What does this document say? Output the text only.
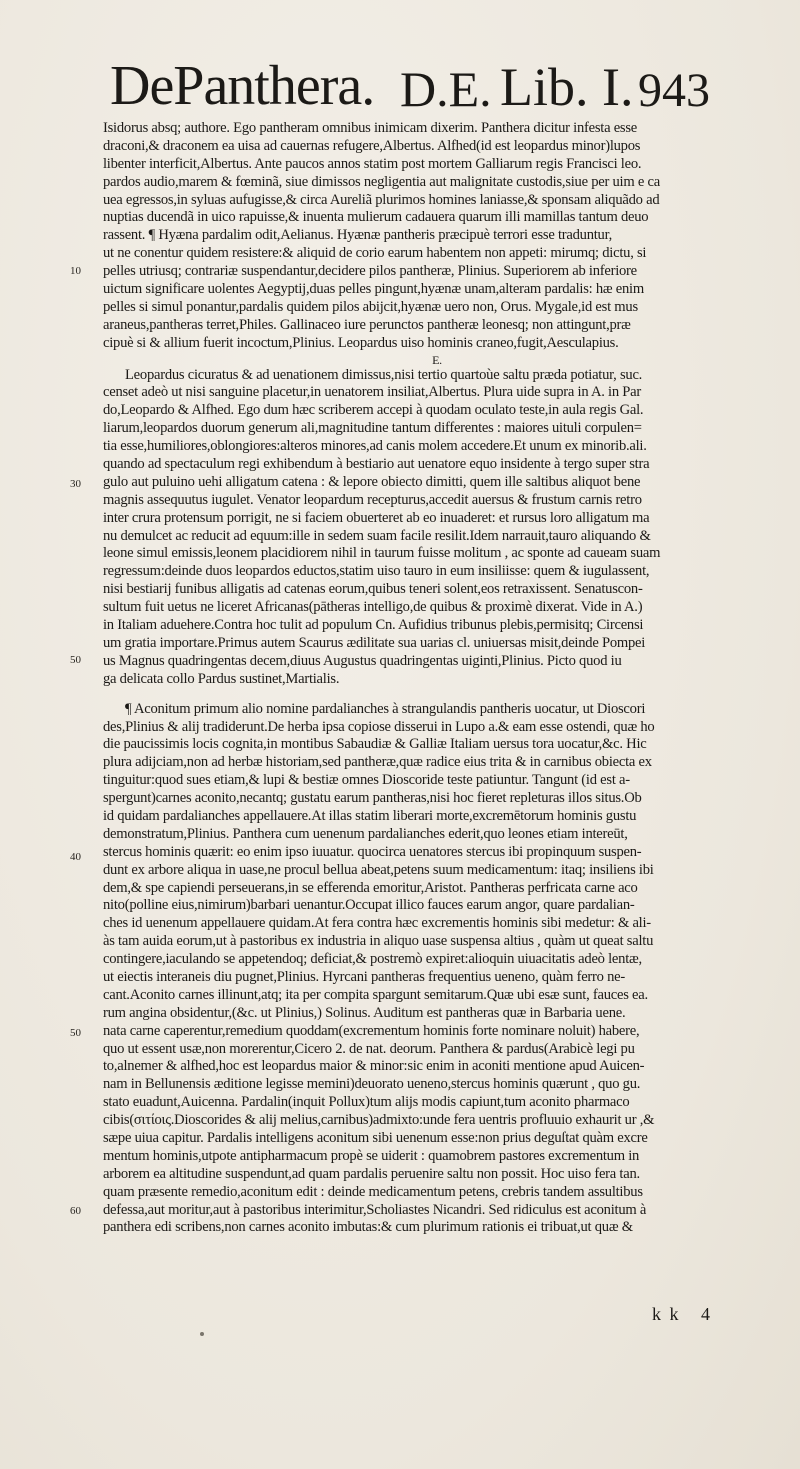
DePanthera. D.E. Lib. I. 943
10
30
50
40
50
60
Isidorus absq; authore. Ego pantheram omnibus inimicam dixerim. Panthera dicitur infesta esse
draconi,& draconem ea uisa ad cauernas refugere,Albertus. Alfhed(id est leopardus minor)lupos
libenter interficit,Albertus. Ante paucos annos statim post mortem Galliarum regis Francisci leo.
pardos audio,marem & fœminã, siue dimissos negligentia aut malignitate custodis,siue per uim e ca
uea egressos,in syluas aufugisse,& circa Aureliã plurimos homines laniasse,& sponsam aliquãdo ad
nuptias ducendã in uico rapuisse,& inuenta mulierum cadauera quarum illi mamillas tantum deuo
rassent. ¶ Hyæna pardalim odit,Aelianus. Hyænæ pantheris præcipuè terrori esse traduntur,
ut ne conentur quidem resistere:& aliquid de corio earum habentem non appeti: mirumq; dictu, si
pelles utriusq; contrariæ suspendantur,decidere pilos pantheræ, Plinius. Superiorem ab inferiore
uictum significare uolentes Aegyptij,duas pelles pingunt,hyænæ unam,alteram pardalis: hæ enim
pelles si simul ponantur,pardalis quidem pilos abijcit,hyænæ uero non, Orus. Mygale,id est mus
araneus,pantheras terret,Philes. Gallinaceo iure perunctos pantheræ leonesq; non attingunt,præ
cipuè si & allium fuerit incoctum,Plinius. Leopardus uiso hominis craneo,fugit,Aesculapius.
E.
Leopardus cicuratus & ad uenationem dimissus,nisi tertio quartoùe saltu præda potiatur, suc.
censet adeò ut nisi sanguine placetur,in uenatorem insiliat,Albertus. Plura uide supra in A. in Par
do,Leopardo & Alfhed. Ego dum hæc scriberem accepi à quodam oculato teste,in aula regis Gal.
liarum,leopardos duorum generum ali,magnitudine tantum differentes : maiores uituli corpulen=
tia esse,humiliores,oblongiores:alteros minores,ad canis molem accedere.Et unum ex minorib.ali.
quando ad spectaculum regi exhibendum à bestiario aut uenatore equo insidente à tergo super stra
gulo aut puluino uehi alligatum catena : & lepore obiecto dimitti, quem ille saltibus aliquot bene
magnis assequutus iugulet. Venator leopardum recepturus,accedit auersus & frustum carnis retro
inter crura protensum porrigit, ne si faciem obuerteret ab eo inuaderet: et rursus loro alligatum ma
nu demulcet ac reducit ad equum:ille in sedem suam facile resilit.Idem narrauit,tauro aliquando &
leone simul emissis,leonem placidiorem nihil in taurum fuisse molitum , ac sponte ad caueam suam
regressum:deinde duos leopardos eductos,statim uiso tauro in eum insiliisse: quem & iugulassent,
nisi bestiarij funibus alligatis ad catenas eorum,quibus teneri solent,eos retraxissent. Senatuscon-
sultum fuit uetus ne liceret Africanas(pātheras intelligo,de quibus & proximè dixerat. Vide in A.)
in Italiam aduehere.Contra hoc tulit ad populum Cn. Aufidius tribunus plebis,permisitq; Circensi
um gratia importare.Primus autem Scaurus ædilitate sua uarias cl. uniuersas misit,deinde Pompei
us Magnus quadringentas decem,diuus Augustus quadringentas uiginti,Plinius. Picto quod iu
ga delicata collo Pardus sustinet,Martialis.
¶ Aconitum primum alio nomine pardalianches à strangulandis pantheris uocatur, ut Dioscori
des,Plinius & alij tradiderunt.De herba ipsa copiose disserui in Lupo a.& eam esse ostendi, quæ ho
die paucissimis locis cognita,in montibus Sabaudiæ & Galliæ Italiam uersus tora uocatur,&c. Hic
plura adijciam,non ad herbæ historiam,sed pantheræ,quæ radice eius trita & in carnibus obiecta ex
tinguitur:quod sues etiam,& lupi & bestiæ omnes Dioscoride teste patiuntur. Tangunt (id est a-
spergunt)carnes aconito,necantq; gustatu earum pantheras,nisi hoc fieret repleturas illos situs.Ob
id quidam pardalianches appellauere.At illas statim liberari morte,excremētorum hominis gustu
demonstratum,Plinius. Panthera cum uenenum pardalianches ederit,quo leones etiam intereūt,
stercus hominis quærit: eo enim ipso iuuatur. quocirca uenatores stercus ibi propinquum suspen-
dunt ex arbore aliqua in uase,ne procul bellua abeat,petens suum medicamentum: itaq; insiliens ibi
dem,& spe capiendi perseuerans,in se efferenda emoritur,Aristot. Pantheras perfricata carne aco
nito(polline eius,nimirum)barbari uenantur.Occupat illico fauces earum angor, quare pardalian-
ches id uenenum appellauere quidam.At fera contra hæc excrementis hominis sibi medetur: & ali-
às tam auida eorum,ut à pastoribus ex industria in aliquo uase suspensa altius , quàm ut queat saltu
contingere,iaculando se appetendoq; deficiat,& postremò expiret:alioquin uiuacitatis adeò lentæ,
ut eiectis interaneis diu pugnet,Plinius. Hyrcani pantheras frequentius ueneno, quàm ferro ne-
cant.Aconito carnes illinunt,atq; ita per compita spargunt semitarum.Quæ ubi esæ sunt, fauces ea.
rum angina obsidentur,(&c. ut Plinius,) Solinus. Auditum est pantheras quæ in Barbaria uene.
nata carne caperentur,remedium quoddam(excrementum hominis forte nominare noluit) habere,
quo ut essent usæ,non morerentur,Cicero 2. de nat. deorum. Panthera & pardus(Arabicè legi pu
to,alnemer & alfhed,hoc est leopardus maior & minor:sic enim in aconiti mentione apud Auicen-
nam in Bellunensis æditione legisse memini)deuorato ueneno,stercus hominis quærunt , quo gu.
stato euadunt,Auicenna. Pardalin(inquit Pollux)tum alijs modis capiunt,tum aconito pharmaco
cibis(σιτίοις.Dioscorides & alij melius,carnibus)admixto:unde fera uentris profluuio exhaurit ur ,&
sæpe uiua capitur. Pardalis intelligens aconitum sibi uenenum esse:non prius deguſtat quàm excre
mentum hominis,utpote antipharmacum propè se uiderit : quamobrem pastores excrementum in
arborem ea altitudine suspendunt,ad quam pardalis peruenire saltu non possit. Hoc uiso fera tan.
quam præsente remedio,aconitum edit : deinde medicamentum petens, crebris tandem assultibus
defessa,aut moritur,aut à pastoribus interimitur,Scholiastes Nicandri. Sed ridiculus est aconitum à
panthera edi scribens,non carnes aconito imbutas:& cum plurimum rationis ei tribuat,ut quæ &
k k 4
